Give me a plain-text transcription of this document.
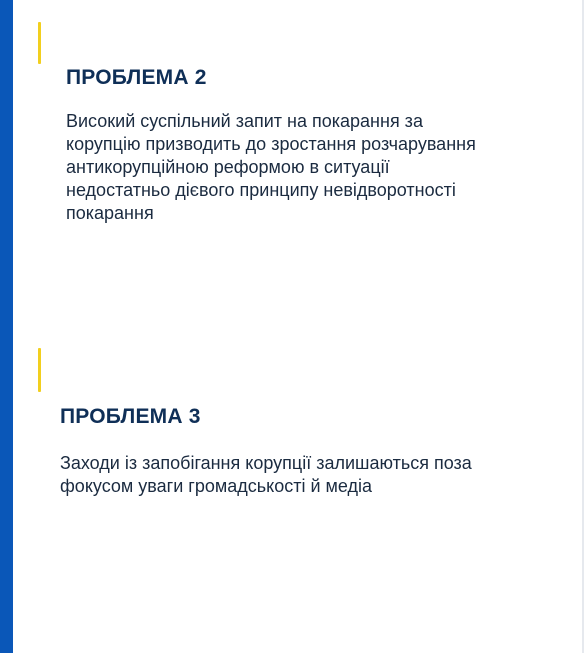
ПРОБЛЕМА 2

Високий суспільний запит на покарання за
корупцію призводить до зростання розчарування
антикорупційною реформою в ситуації
недостатньо дієвого принципу невідворотності
покарання

ПРОБЛЕМА 3

Заходи із запобігання корупції залишаються поза
фокусом уваги громадськості й медіа
